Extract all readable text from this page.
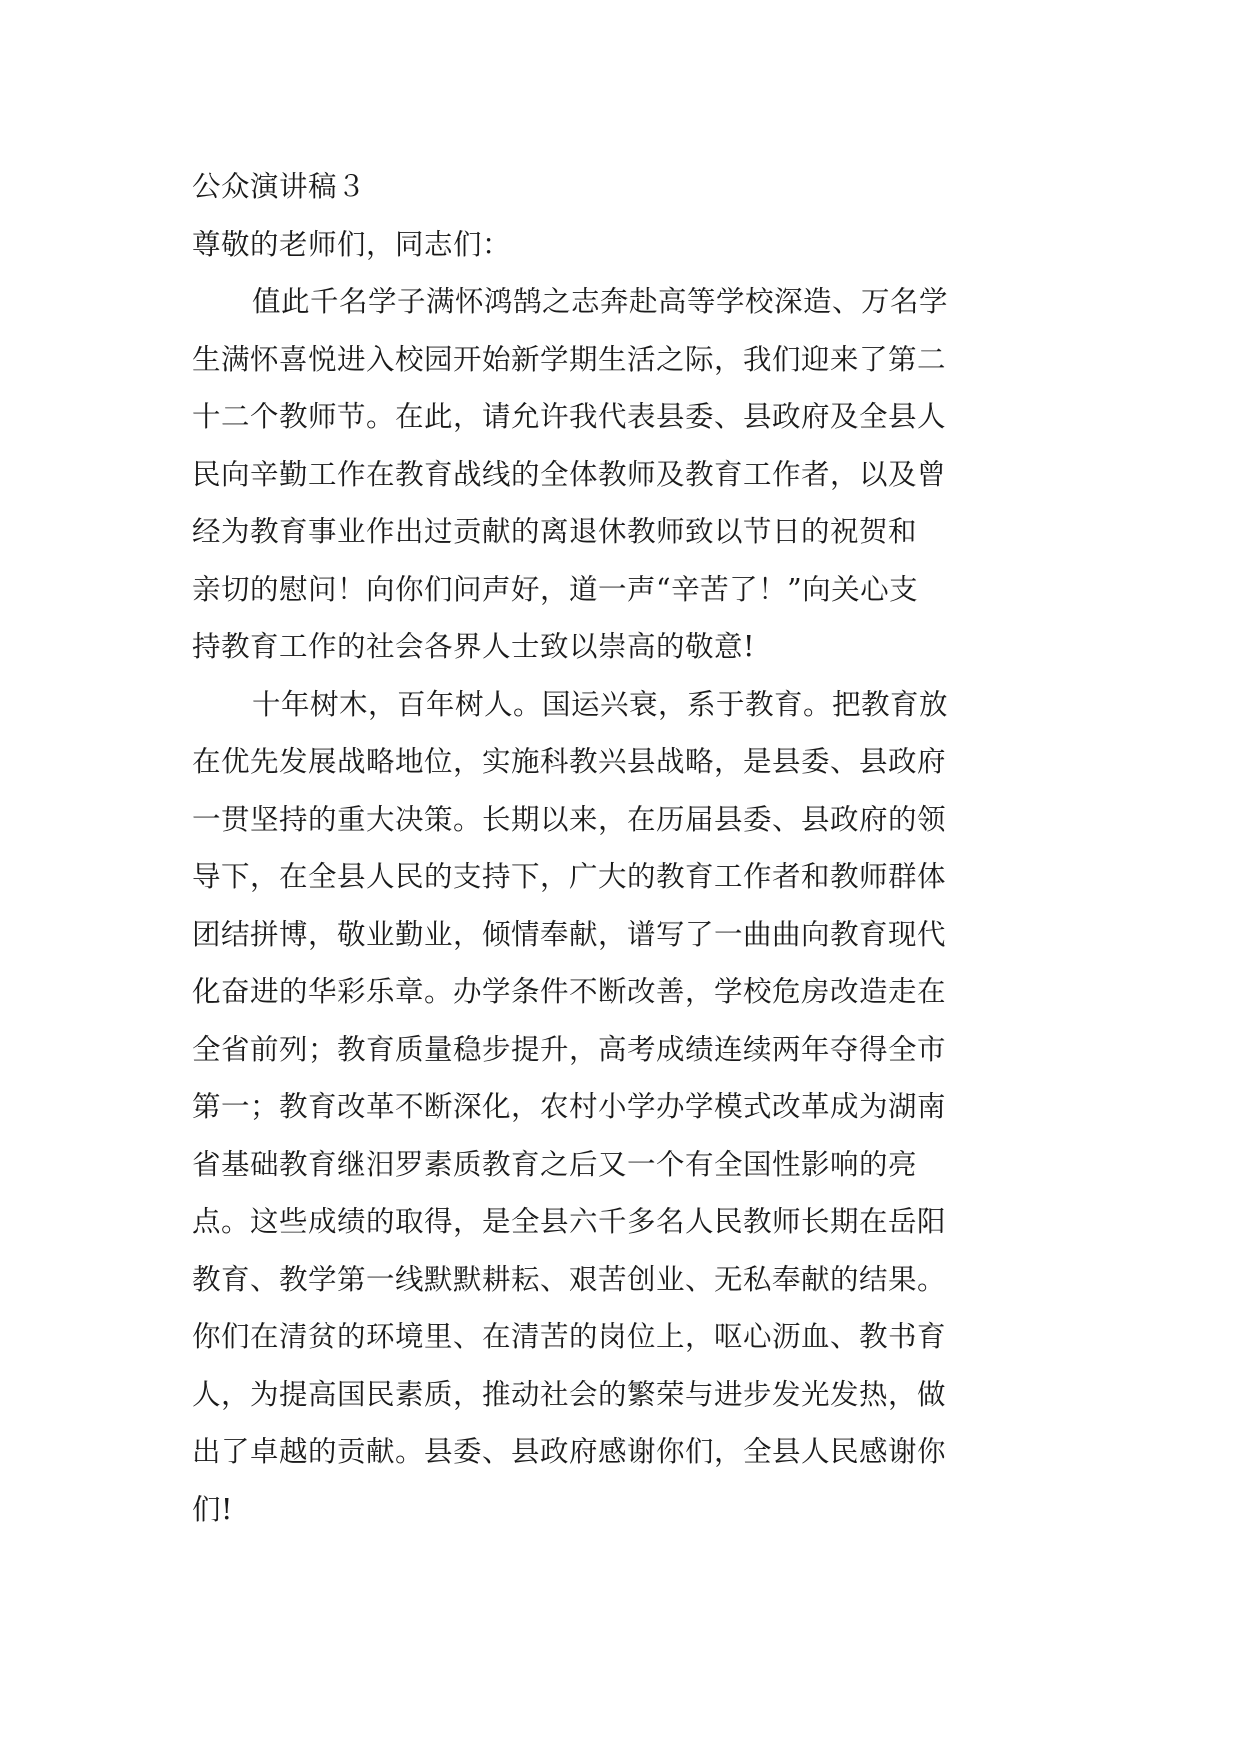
公众演讲稿３
尊敬的老师们，同志们：
值此千名学子满怀鸿鹄之志奔赴高等学校深造、万名学
生满怀喜悦进入校园开始新学期生活之际，我们迎来了第二
十二个教师节。在此，请允许我代表县委、县政府及全县人
民向辛勤工作在教育战线的全体教师及教育工作者，以及曾
经为教育事业作出过贡献的离退休教师致以节日的祝贺和
亲切的慰问！向你们问声好，道一声“辛苦了！”向关心支
持教育工作的社会各界人士致以崇高的敬意!
十年树木，百年树人。国运兴衰，系于教育。把教育放
在优先发展战略地位，实施科教兴县战略，是县委、县政府
一贯坚持的重大决策。长期以来，在历届县委、县政府的领
导下，在全县人民的支持下，广大的教育工作者和教师群体
团结拼博，敬业勤业，倾情奉献，谱写了一曲曲向教育现代
化奋进的华彩乐章。办学条件不断改善，学校危房改造走在
全省前列；教育质量稳步提升，高考成绩连续两年夺得全市
第一；教育改革不断深化，农村小学办学模式改革成为湖南
省基础教育继汨罗素质教育之后又一个有全国性影响的亮
点。这些成绩的取得，是全县六千多名人民教师长期在岳阳
教育、教学第一线默默耕耘、艰苦创业、无私奉献的结果。
你们在清贫的环境里、在清苦的岗位上，呕心沥血、教书育
人，为提高国民素质，推动社会的繁荣与进步发光发热，做
出了卓越的贡献。县委、县政府感谢你们，全县人民感谢你
们!
